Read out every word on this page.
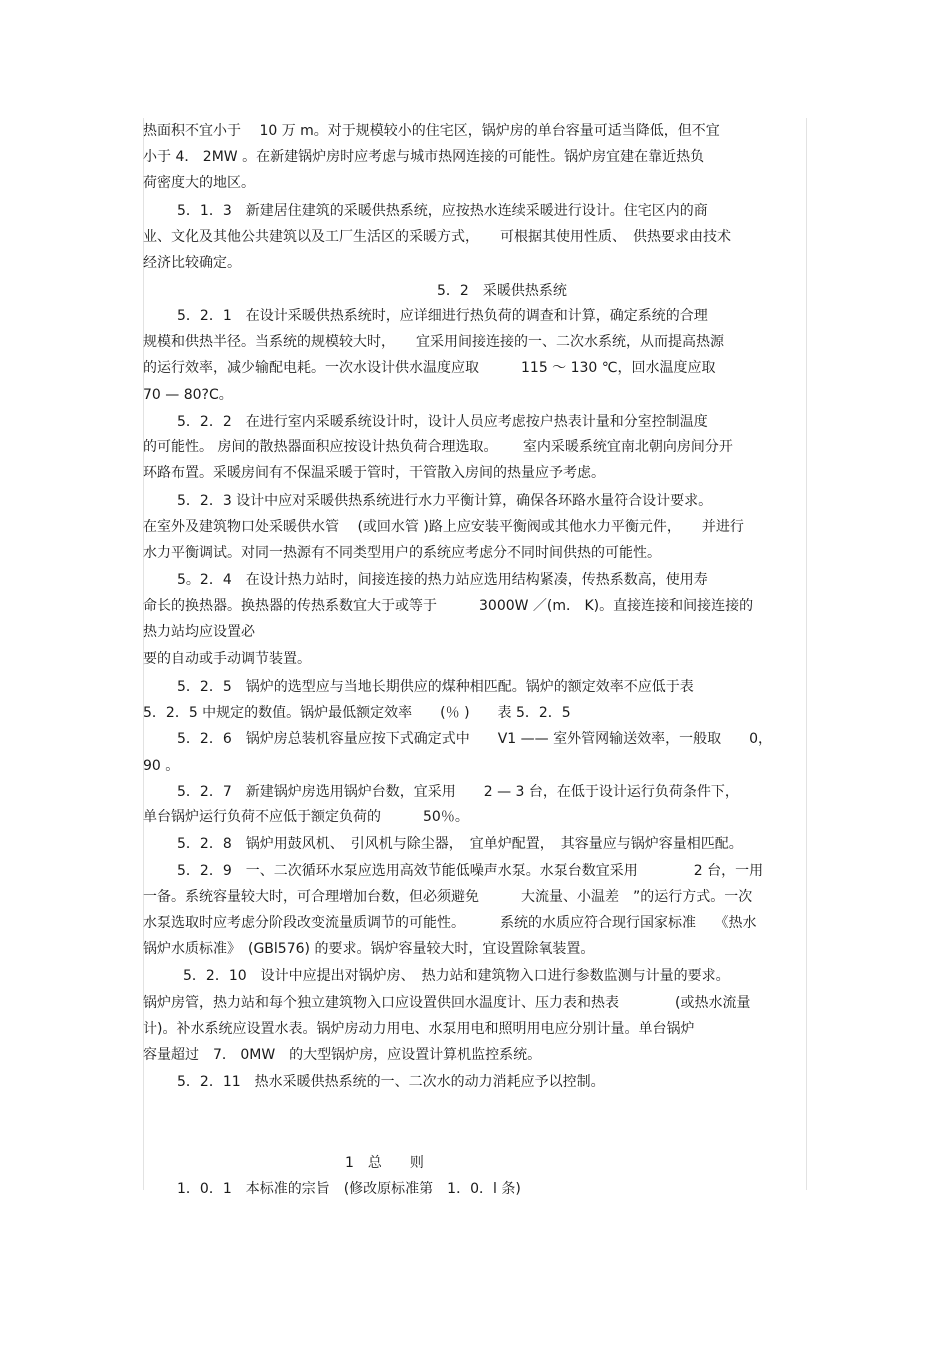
热面积不宜小于　 10 万 m。对于规模较小的住宅区，锅炉房的单台容量可适当降低，但不宜
小于 4． 2MW 。在新建锅炉房时应考虑与城市热网连接的可能性。锅炉房宜建在靠近热负
荷密度大的地区。
5．1．3　新建居住建筑的采暖供热系统，应按热水连续采暖进行设计。住宅区内的商
业、文化及其他公共建筑以及工厂生活区的采暖方式，　　可根据其使用性质、　供热要求由技术
经济比较确定。
5．2　采暖供热系统
5．2．1　在设计采暖供热系统时，应详细进行热负荷的调查和计算，确定系统的合理
规模和供热半径。当系统的规模较大时，　　宜采用间接连接的一、二次水系统，从而提高热源
的运行效率，减少输配电耗。一次水设计供水温度应取　　　115 ～ 130 ℃，回水温度应取
70 — 80?C。
5．2．2　在进行室内采暖系统设计时，设计人员应考虑按户热表计量和分室控制温度
的可能性。 房间的散热器面积应按设计热负荷合理选取。　　 室内采暖系统宜南北朝向房间分开
环路布置。采暖房间有不保温采暖于管时，干管散入房间的热量应予考虑。
5．2．3 设计中应对采暖供热系统进行水力平衡计算，确保各环路水量符合设计要求。
在室外及建筑物口处采暖供水管　 (或回水管 )路上应安装平衡阀或其他水力平衡元件，　　并进行
水力平衡调试。对同一热源有不同类型用户的系统应考虑分不同时间供热的可能性。
5。2．4　在设计热力站时，间接连接的热力站应选用结构紧凑，传热系数高，使用寿
命长的换热器。换热器的传热系数宜大于或等于　　　3000W ／(m． K)。直接连接和间接连接的
热力站均应设置必
要的自动或手动调节装置。
5．2．5　锅炉的选型应与当地长期供应的煤种相匹配。锅炉的额定效率不应低于表
5．2．5 中规定的数值。锅炉最低额定效率　　(％ )　　表 5．2．5
5．2．6　锅炉房总装机容量应按下式确定式中　　V1 —— 室外管网输送效率，一般取　　0，
90 。
5．2．7　新建锅炉房选用锅炉台数，宜采用　　2 — 3 台，在低于设计运行负荷条件下，
单台锅炉运行负荷不应低于额定负荷的　　　50％。
5．2．8　锅炉用鼓风机、　引风机与除尘器，　宜单炉配置，　其容量应与锅炉容量相匹配。
5．2．9　一、二次循环水泵应选用高效节能低噪声水泵。水泵台数宜采用　　　　2 台，一用
一备。系统容量较大时，可合理增加台数，但必须避免　　　大流量、小温差　”的运行方式。一次
水泵选取时应考虑分阶段改变流量质调节的可能性。　　　系统的水质应符合现行国家标准　 《热水
锅炉水质标准》　(GBl576) 的要求。锅炉容量较大时，宜设置除氧装置。
5．2．10　设计中应提出对锅炉房、　热力站和建筑物入口进行参数监测与计量的要求。
锅炉房管，热力站和每个独立建筑物入口应设置供回水温度计、压力表和热表　　　　(或热水流量
计)。补水系统应设置水表。锅炉房动力用电、水泵用电和照明用电应分别计量。单台锅炉
容量超过　7． 0MW　的大型锅炉房，应设置计算机监控系统。
5．2．11　热水采暖供热系统的一、二次水的动力消耗应予以控制。
1　总　　则
1．0．1　本标准的宗旨　(修改原标准第　1．0．l 条)
